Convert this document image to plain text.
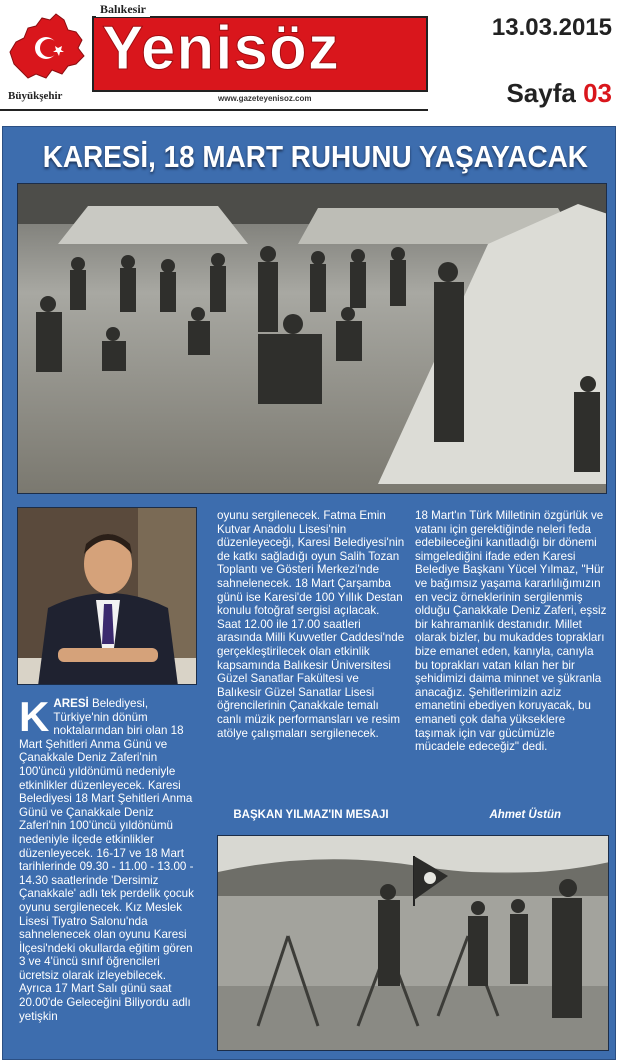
Balıkesir
Yenisöz
www.gazeteyenisoz.com
Büyükşehir
13.03.2015
Sayfa 03
KARESİ, 18 MART RUHUNU YAŞAYACAK
KARESİ Belediyesi, Türkiye'nin dönüm noktalarından biri olan 18 Mart Şehitleri Anma Günü ve Çanakkale Deniz Zaferi'nin 100'üncü yıldönümü nedeniyle etkinlikler düzenleyecek. Karesi Belediyesi 18 Mart Şehitleri Anma Günü ve Çanakkale Deniz Zaferi'nin 100'üncü yıldönümü nedeniyle ilçede etkinlikler düzenleyecek. 16-17 ve 18 Mart tarihlerinde 09.30 - 11.00 - 13.00 - 14.30 saatlerinde 'Dersimiz Çanakkale' adlı tek perdelik çocuk oyunu sergilenecek. Kız Meslek Lisesi Tiyatro Salonu'nda sahnelenecek olan oyunu Karesi İlçesi'ndeki okullarda eğitim gören 3 ve 4'üncü sınıf öğrencileri ücretsiz olarak izleyebilecek. Ayrıca 17 Mart Salı günü saat 20.00'de Geleceğini Biliyordu adlı yetişkin
oyunu sergilenecek. Fatma Emin Kutvar Anadolu Lisesi'nin düzenleyeceği, Karesi Belediyesi'nin de katkı sağladığı oyun Salih Tozan Toplantı ve Gösteri Merkezi'nde sahnelenecek. 18 Mart Çarşamba günü ise Karesi'de 100 Yıllık Destan konulu fotoğraf sergisi açılacak. Saat 12.00 ile 17.00 saatleri arasında Milli Kuvvetler Caddesi'nde gerçekleştirilecek olan etkinlik kapsamında Balıkesir Üniversitesi Güzel Sanatlar Fakültesi ve Balıkesir Güzel Sanatlar Lisesi öğrencilerinin Çanakkale temalı canlı müzik performansları ve resim atölye çalışmaları sergilenecek.
BAŞKAN YILMAZ'IN MESAJI
18 Mart'ın Türk Milletinin özgürlük ve vatanı için gerektiğinde neleri feda edebileceğini kanıtladığı bir dönemi simgelediğini ifade eden Karesi Belediye Başkanı Yücel Yılmaz, "Hür ve bağımsız yaşama kararlılığımızın en veciz örneklerinin sergilenmiş olduğu Çanakkale Deniz Zaferi, eşsiz bir kahramanlık destanıdır. Millet olarak bizler, bu mukaddes toprakları bize emanet eden, kanıyla, canıyla bu toprakları vatan kılan her bir şehidimizi daima minnet ve şükranla anacağız. Şehitlerimizin aziz emanetini ebediyen koruyacak, bu emaneti çok daha yükseklere taşımak için var gücümüzle mücadele edeceğiz" dedi.
Ahmet Üstün
